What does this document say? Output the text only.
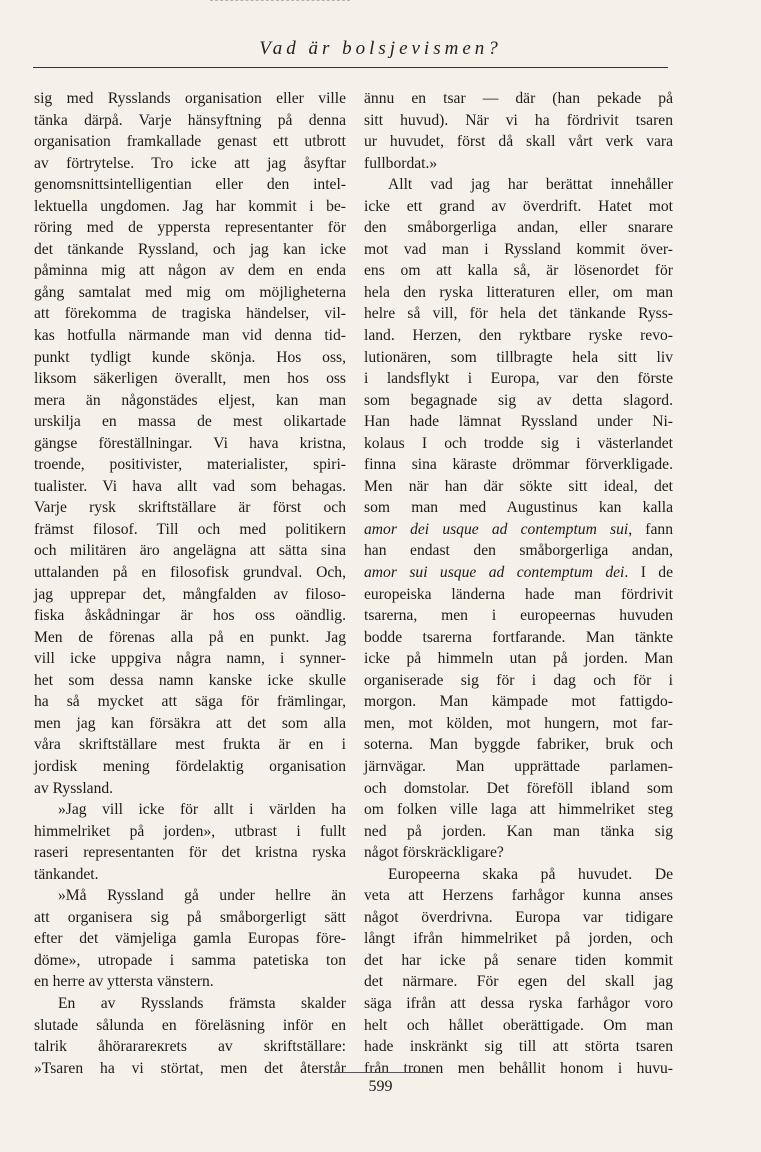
Vad är bolsjevismen?
sig med Rysslands organisation eller ville
tänka därpå. Varje hänsyftning på denna
organisation framkallade genast ett utbrott
av förtrytelse. Tro icke att jag åsyftar
genomsnittsintelligentian eller den intel-
lektuella ungdomen. Jag har kommit i be-
röring med de yppersta representanter för
det tänkande Ryssland, och jag kan icke
påminna mig att någon av dem en enda
gång samtalat med mig om möjligheterna
att förekomma de tragiska händelser, vil-
kas hotfulla närmande man vid denna tid-
punkt tydligt kunde skönja. Hos oss,
liksom säkerligen överallt, men hos oss
mera än någonstädes eljest, kan man
urskilja en massa de mest olikartade
gängse föreställningar. Vi hava kristna,
troende, positivister, materialister, spiri-
tualister. Vi hava allt vad som behagas.
Varje rysk skriftställare är först och
främst filosof. Till och med politikern
och militären äro angelägna att sätta sina
uttalanden på en filosofisk grundval. Och,
jag upprepar det, mångfalden av filoso-
fiska åskådningar är hos oss oändlig.
Men de förenas alla på en punkt. Jag
vill icke uppgiva några namn, i synner-
het som dessa namn kanske icke skulle
ha så mycket att säga för främlingar,
men jag kan försäkra att det som alla
våra skriftställare mest frukta är en i
jordisk mening fördelaktig organisation
av Ryssland.
»Jag vill icke för allt i världen ha
himmelriket på jorden», utbrast i fullt
raseri representanten för det kristna ryska
tänkandet.
»Må Ryssland gå under hellre än
att organisera sig på småborgerligt sätt
efter det vämjeliga gamla Europas före-
döme», utropade i samma patetiska ton
en herre av yttersta vänstern.
En av Rysslands främsta skalder
slutade sålunda en föreläsning inför en
talrik åhörarareкrets av skriftställare:
»Tsaren ha vi störtat, men det återstår
ännu en tsar — där (han pekade på
sitt huvud). När vi ha fördrivit tsaren
ur huvudet, först då skall vårt verk vara
fullbordat.»
Allt vad jag har berättat innehåller
icke ett grand av överdrift. Hatet mot
den småborgerliga andan, eller snarare
mot vad man i Ryssland kommit över-
ens om att kalla så, är lösenordet för
hela den ryska litteraturen eller, om man
helre så vill, för hela det tänkande Ryss-
land. Herzen, den ryktbare ryske revo-
lutionären, som tillbragte hela sitt liv
i landsflykt i Europa, var den förste
som begagnade sig av detta slagord.
Han hade lämnat Ryssland under Ni-
kolaus I och trodde sig i västerlandet
finna sina käraste drömmar förverkligade.
Men när han där sökte sitt ideal, det
som man med Augustinus kan kalla
amor dei usque ad contemptum sui, fann
han endast den småborgerliga andan,
amor sui usque ad contemptum dei. I de
europeiska länderna hade man fördrivit
tsarerna, men i europeernas huvuden
bodde tsarerna fortfarande. Man tänkte
icke på himmeln utan på jorden. Man
organiserade sig för i dag och för i
morgon. Man kämpade mot fattigdo-
men, mot kölden, mot hungern, mot far-
soterna. Man byggde fabriker, bruk och
järnvägar. Man upprättade parlamen-
och domstolar. Det föreföll ibland som
om folken ville laga att himmelriket steg
ned på jorden. Kan man tänka sig
något förskräckligare?
Europeerna skaka på huvudet. De
veta att Herzens farhågor kunna anses
något överdrivna. Europa var tidigare
långt ifrån himmelriket på jorden, och
det har icke på senare tiden kommit
det närmare. För egen del skall jag
säga ifrån att dessa ryska farhågor voro
helt och hållet oberättigade. Om man
hade inskränkt sig till att störta tsaren
från tronen men behållit honom i huvu-
599
